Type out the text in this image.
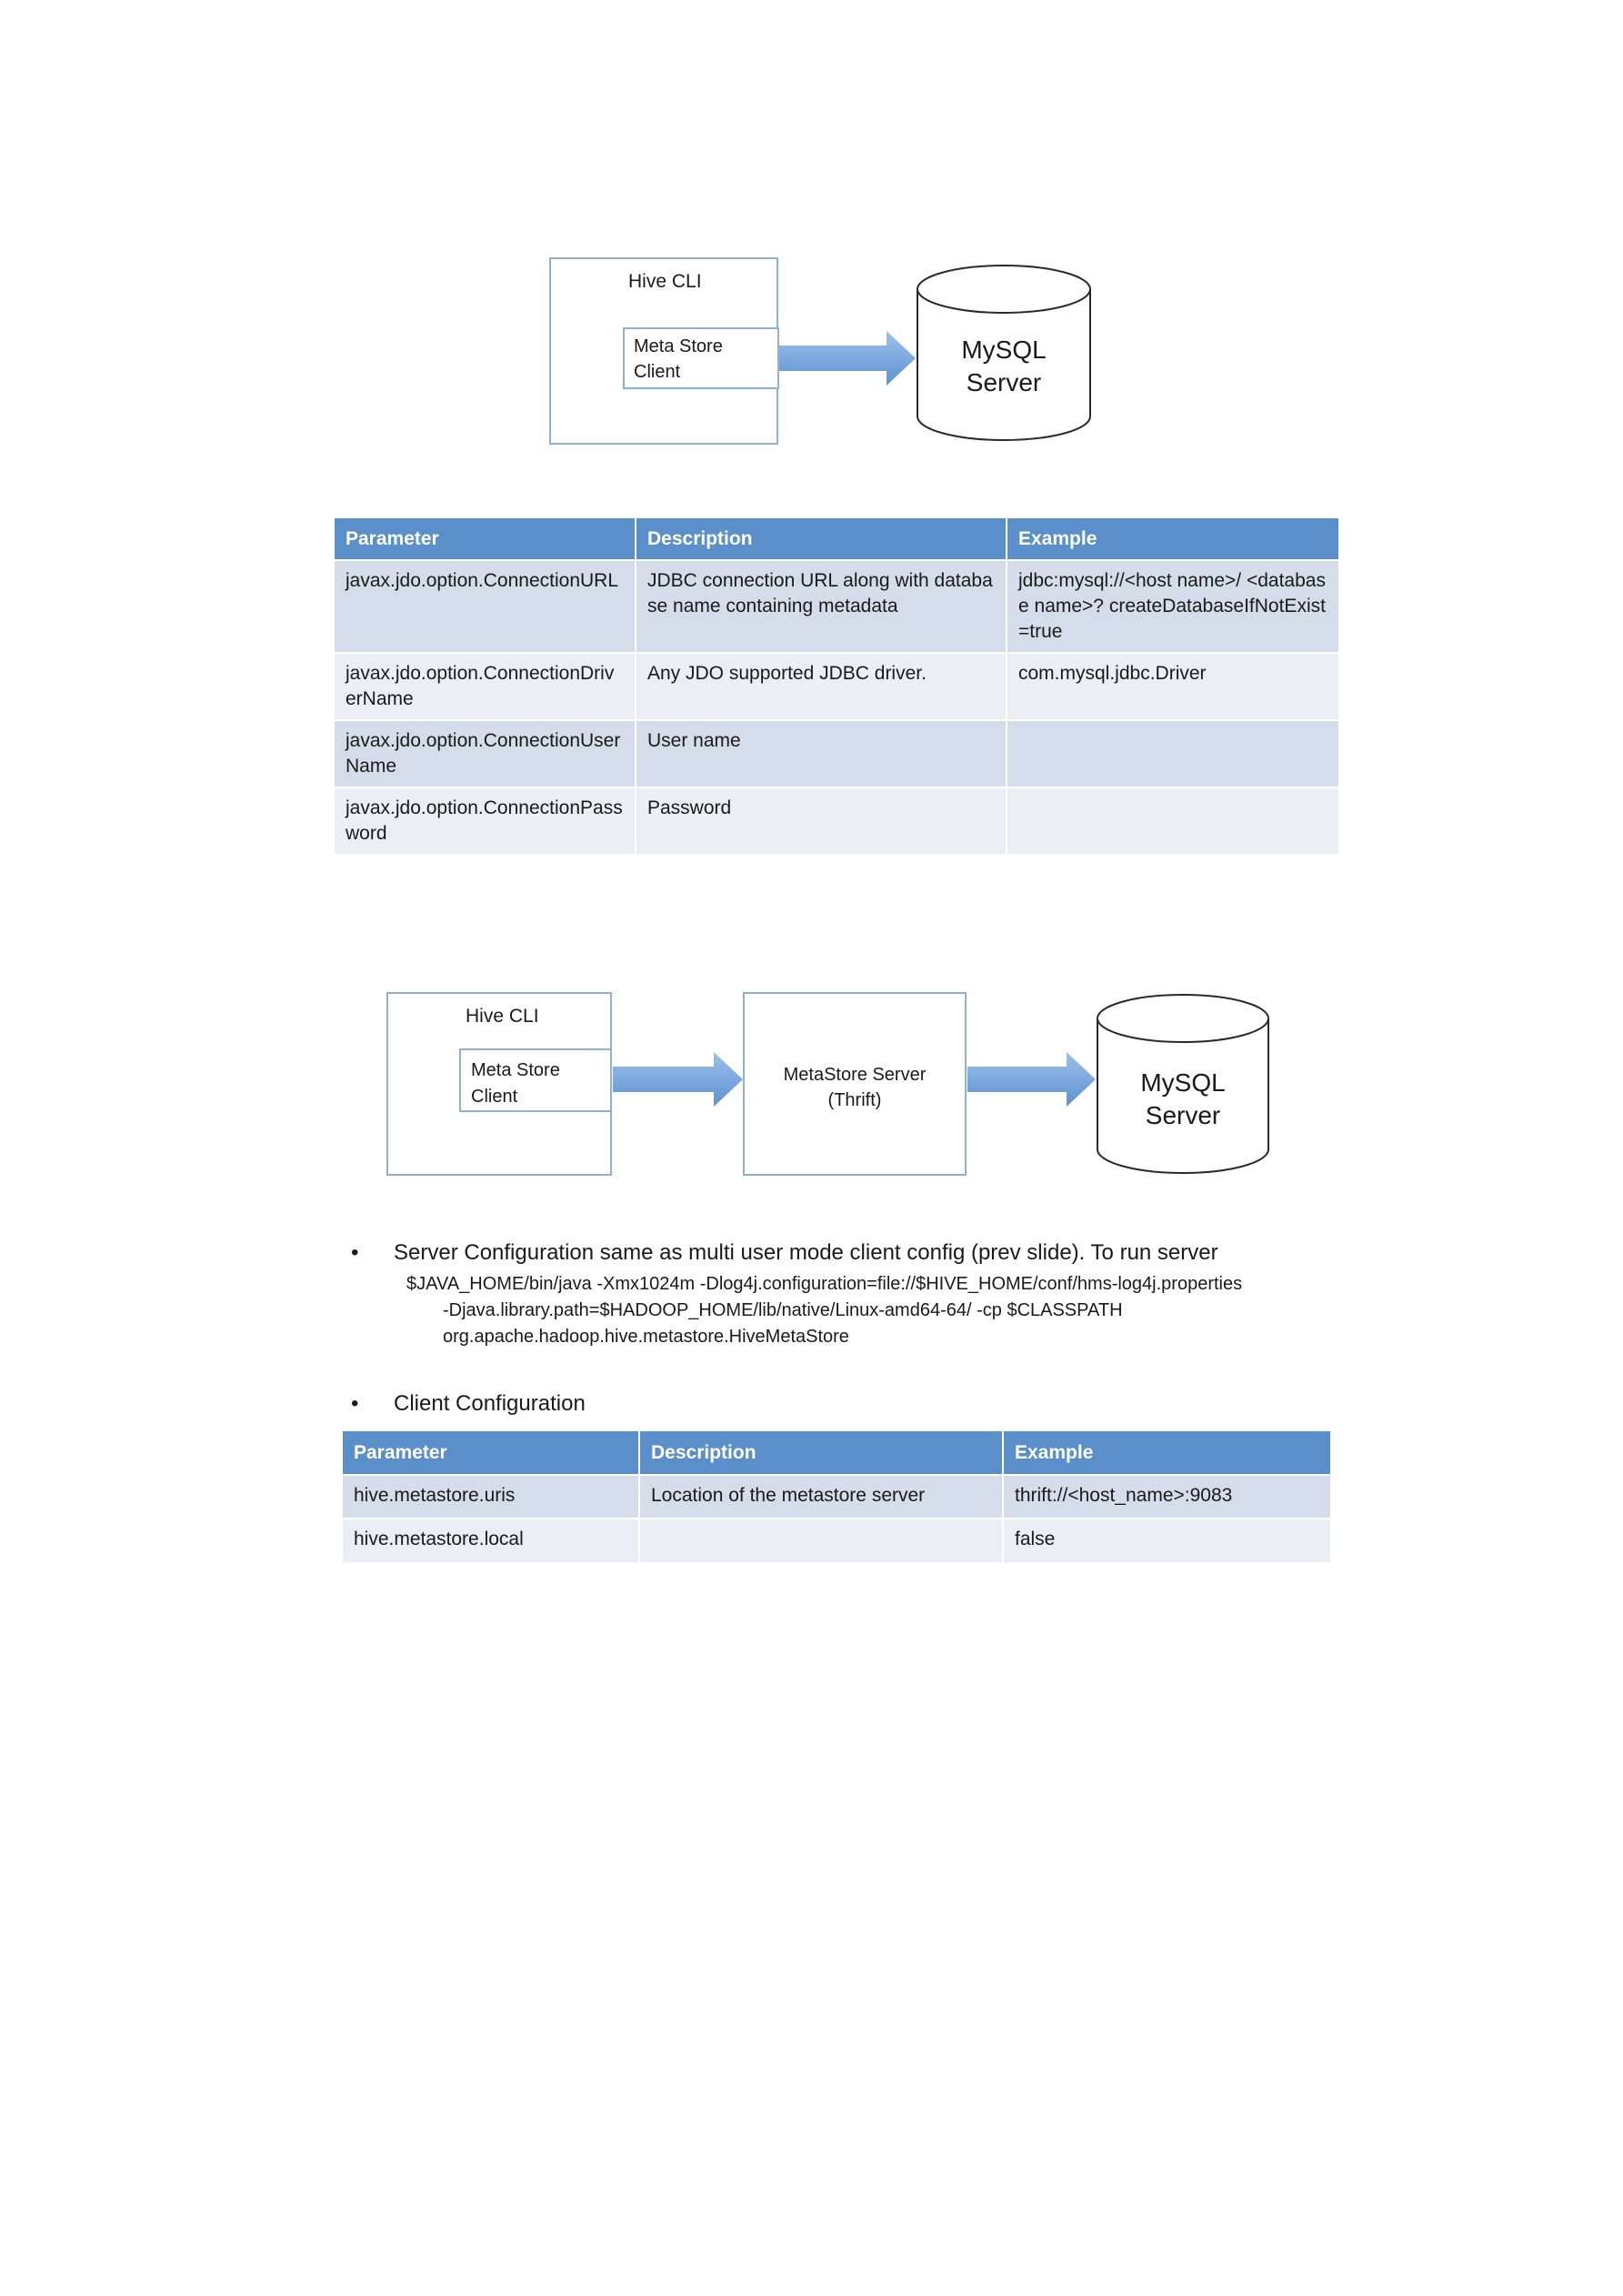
Hive CLI
Meta Store
Client
MySQL
Server
Parameter	Description	Example
javax.jdo.option.ConnectionURL	JDBC connection URL along with database name containing metadata	jdbc:mysql://<host name>/ <database name>? createDatabaseIfNotExist=true
javax.jdo.option.ConnectionDriverName	Any JDO supported JDBC driver.	com.mysql.jdbc.Driver
javax.jdo.option.ConnectionUserName	User name	
javax.jdo.option.ConnectionPassword	Password	
Hive CLI
Meta Store
Client
MetaStore Server
(Thrift)
MySQL
Server
• Server Configuration same as multi user mode client config (prev slide). To run server
$JAVA_HOME/bin/java -Xmx1024m -Dlog4j.configuration=file://$HIVE_HOME/conf/hms-log4j.properties
-Djava.library.path=$HADOOP_HOME/lib/native/Linux-amd64-64/ -cp $CLASSPATH
org.apache.hadoop.hive.metastore.HiveMetaStore
• Client Configuration
Parameter	Description	Example
hive.metastore.uris	Location of the metastore server	thrift://<host_name>:9083
hive.metastore.local		false
